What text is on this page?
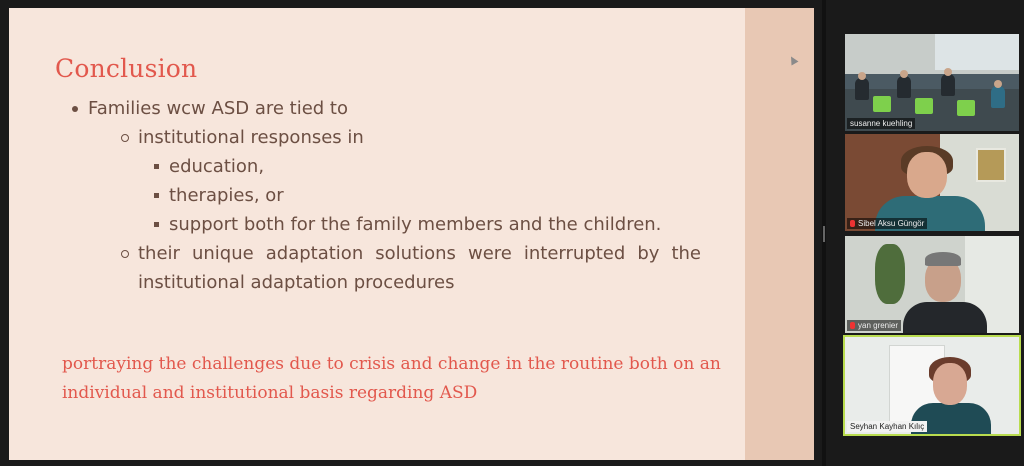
Conclusion
Families wcw ASD are tied to
institutional responses in
education,
therapies, or
support both for the family members and the children.
their unique adaptation solutions were interrupted by the
institutional adaptation procedures
portraying the challenges due to crisis and change in the routine both on an individual and institutional basis regarding ASD
susanne kuehling
Sibel Aksu Güngör
yan grenier
Seyhan Kayhan Kılıç
